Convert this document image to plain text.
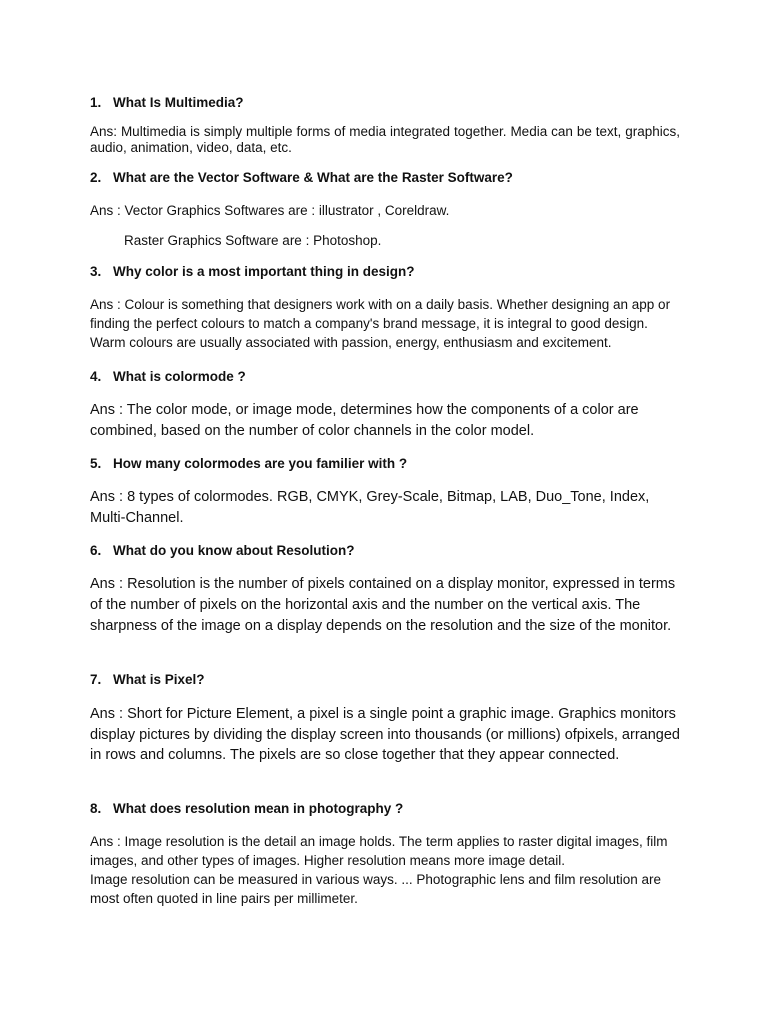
1. What Is Multimedia?

Ans: Multimedia is simply multiple forms of media integrated together. Media can be text, graphics, audio, animation, video, data, etc.

2. What are the Vector Software & What are the Raster Software?

Ans : Vector Graphics Softwares are : illustrator , Coreldraw.

Raster Graphics Software are : Photoshop.

3. Why color is a most important thing in design?

Ans : Colour is something that designers work with on a daily basis. Whether designing an app or finding the perfect colours to match a company's brand message, it is integral to good design. Warm colours are usually associated with passion, energy, enthusiasm and excitement.

4. What is colormode ?

Ans : The color mode, or image mode, determines how the components of a color are combined, based on the number of color channels in the color model.

5. How many colormodes are you familier with ?

Ans : 8 types of colormodes. RGB, CMYK, Grey-Scale, Bitmap, LAB, Duo_Tone, Index, Multi-Channel.

6. What do you know about Resolution?

Ans : Resolution is the number of pixels contained on a display monitor, expressed in terms of the number of pixels on the horizontal axis and the number on the vertical axis. The sharpness of the image on a display depends on the resolution and the size of the monitor.

7. What is Pixel?

Ans : Short for Picture Element, a pixel is a single point a graphic image. Graphics monitors display pictures by dividing the display screen into thousands (or millions) ofpixels, arranged in rows and columns. The pixels are so close together that they appear connected.

8. What does resolution mean in photography ?

Ans : Image resolution is the detail an image holds. The term applies to raster digital images, film images, and other types of images. Higher resolution means more image detail.
Image resolution can be measured in various ways. ... Photographic lens and film resolution are most often quoted in line pairs per millimeter.
